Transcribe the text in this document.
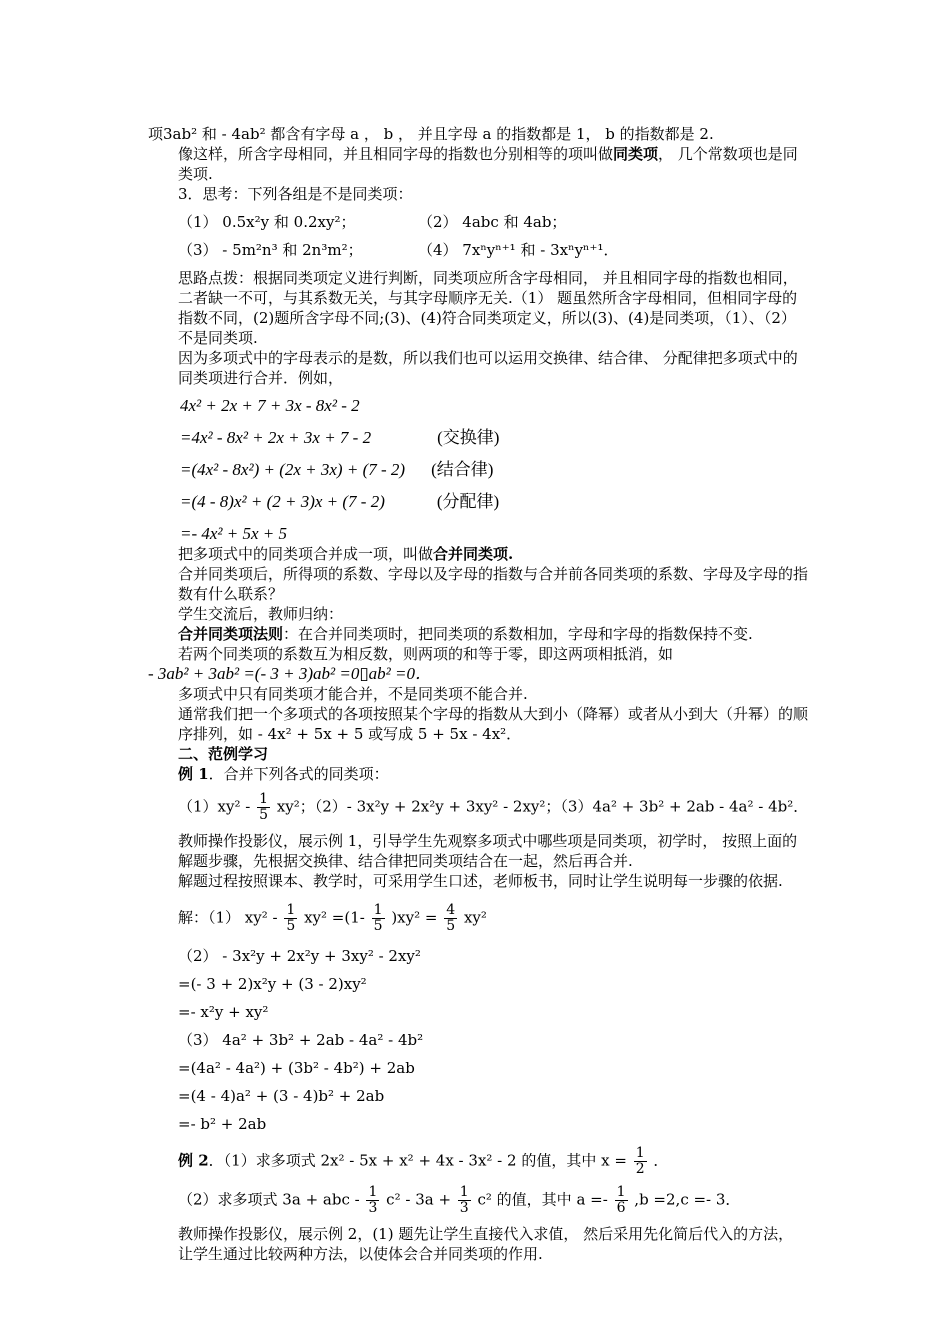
项3ab² 和 - 4ab² 都含有字母 a ， b ， 并且字母 a 的指数都是 1， b 的指数都是 2.
像这样，所含字母相同，并且相同字母的指数也分别相等的项叫做同类项， 几个常数项也是同类项.
3．思考：下列各组是不是同类项：
（1） 0.5x²y 和 0.2xy²；	（2） 4abc 和 4ab；
（3） - 5m²n³ 和 2n³m²；	（4） 7xⁿyⁿ⁺¹ 和 - 3xⁿyⁿ⁺¹．
思路点拨：根据同类项定义进行判断，同类项应所含字母相同， 并且相同字母的指数也相同，二者缺一不可，与其系数无关，与其字母顺序无关.（1） 题虽然所含字母相同，但相同字母的指数不同，(2)题所含字母不同;(3)、(4)符合同类项定义，所以(3)、(4)是同类项，（1）、（2）不是同类项.
因为多项式中的字母表示的是数，所以我们也可以运用交换律、结合律、 分配律把多项式中的同类项进行合并．例如，
4x² + 2x + 7 + 3x - 8x² - 2
=4x² - 8x² + 2x + 3x + 7 - 2	(交换律)
=(4x² - 8x²) + (2x + 3x) + (7 - 2) (结合律)
=(4 - 8)x² + (2 + 3)x + (7 - 2)	(分配律)
=- 4x² + 5x + 5
把多项式中的同类项合并成一项，叫做合并同类项.
合并同类项后，所得项的系数、字母以及字母的指数与合并前各同类项的系数、字母及字母的指数有什么联系？
学生交流后，教师归纳：
合并同类项法则：在合并同类项时，把同类项的系数相加，字母和字母的指数保持不变.
若两个同类项的系数互为相反数，则两项的和等于零，即这两项相抵消，如
- 3ab² + 3ab² =(- 3 + 3)ab² =0▯ab² =0．
多项式中只有同类项才能合并，不是同类项不能合并.
通常我们把一个多项式的各项按照某个字母的指数从大到小（降幂）或者从小到大（升幂）的顺序排列，如 - 4x² + 5x + 5 或写成 5 + 5x - 4x²．
二、范例学习
例 1．合并下列各式的同类项：
$(1)xy^2 - \frac{1}{5} xy^2$；（2）- 3x²y + 2x²y + 3xy² - 2xy²；（3）4a² + 3b² + 2ab - 4a² - 4b²．
教师操作投影仪，展示例 1，引导学生先观察多项式中哪些项是同类项，初学时， 按照上面的解题步骤，先根据交换律、结合律把同类项结合在一起，然后再合并.
解题过程按照课本、教学时，可采用学生口述，老师板书，同时让学生说明每一步骤的依据.
解：（1） $xy^2 - \frac{1}{5} xy^2 =(1- \frac{1}{5} )xy^2 = \frac{4}{5} xy^2$
（2） - 3x²y + 2x²y + 3xy² - 2xy²
=(- 3 + 2)x²y + (3 - 2)xy²
=- x²y + xy²
（3） 4a² + 3b² + 2ab - 4a² - 4b²
=(4a² - 4a²) + (3b² - 4b²) + 2ab
=(4 - 4)a² + (3 - 4)b² + 2ab
=- b² + 2ab
例 2．（1）求多项式 2x² - 5x + x² + 4x - 3x² - 2 的值，其中 $x = \frac{1}{2}$ ．
（2）求多项式 3a + abc - $\frac{1}{3} c^2 - 3a + \frac{1}{3} c^2$ 的值，其中 $a =- \frac{1}{6} ,b =2,c =- 3$．
教师操作投影仪，展示例 2，(1) 题先让学生直接代入求值， 然后采用先化简后代入的方法，让学生通过比较两种方法，以使体会合并同类项的作用.
